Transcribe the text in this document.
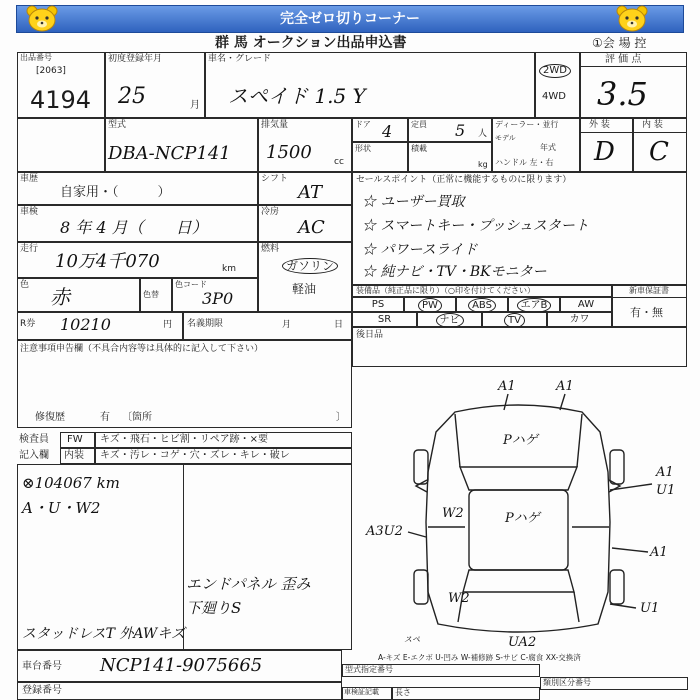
完全ゼロ切りコーナー
群 馬 オークション出品申込書	①会 場 控
出品番号
[2063]
4194
初度登録年月
25	月
車名・グレード
スペイド 1.5 Y
2WD
4WD
評 価 点
3.5
型式
DBA-NCP141
排気量
1500 cc
ドア 4
形状
定員 5 人
積載
kg
ディーラー・並行
モデル
年式
ハンドル 左・右
外 装
D
内 装
C
車歴
自家用・（　　　）
シフト
AT
セールスポイント（正常に機能するものに限ります）
☆ ユーザー買取
☆ スマートキー・プッシュスタート
☆ パワースライド
☆ 純ナビ・TV・BKモニター
車検
8 年 4 月（　　日）
冷房
AC
走行
10万4千070	km
燃料
ガソリン
軽油
色 赤	色替
色コード
3P0	装備品（純正品に限り）（○印を付けてください）
PS	PW	ABS	エアB	AW
SR	ナビ	TV	カワ
新車保証書
有・無
R券 10210	円 名義期限	月	日
後日品
注意事項申告欄（不具合内容等は具体的に記入して下さい）
修復歴	有 〔箇所	〕
検査員 FW キズ・飛石・ヒビ割・リペア跡・×要
記入欄 内装 キズ・汚レ・コゲ・穴・ズレ・キレ・破レ
⊗104067 km
A・U・W2
エンドパネル 歪み
下廻りS
スタッドレスT 外AWキズ
A1	A1
Pハゲ
W2	Pハゲ
A3U2
A1
U1
A1
W2
U1
スペ	UA2
A-キズ E-エクボ U-凹み W-補修跡 S-サビ C-腐食 XX-交換済
車台番号 NCP141-9075665
登録番号
型式指定番号
類別区分番号
車検証記載 長さ
